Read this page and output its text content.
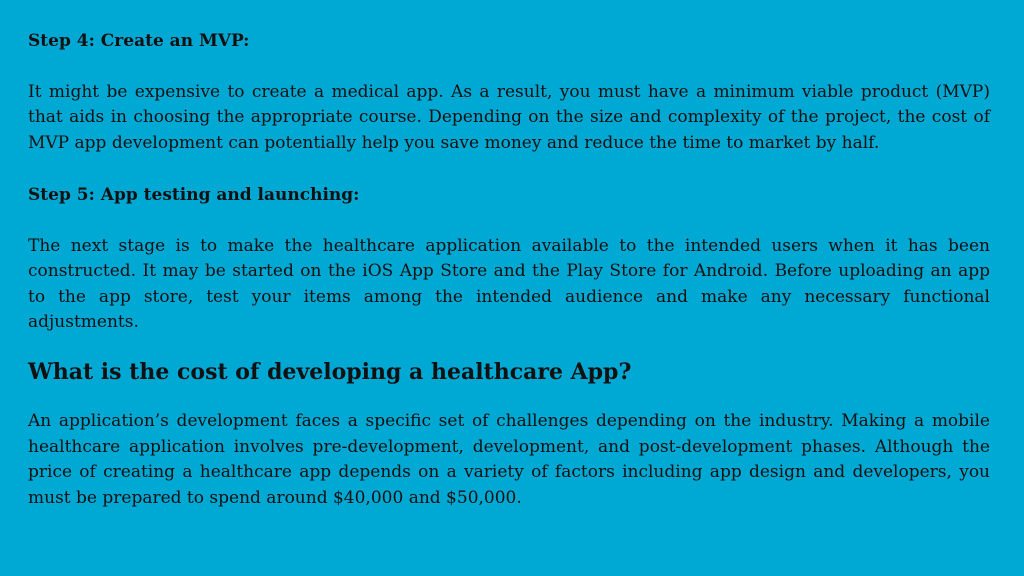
Step 4: Create an MVP:

It might be expensive to create a medical app. As a result, you must have a minimum viable product (MVP) that aids in choosing the appropriate course. Depending on the size and complexity of the project, the cost of MVP app development can potentially help you save money and reduce the time to market by half.

Step 5: App testing and launching:

The next stage is to make the healthcare application available to the intended users when it has been constructed. It may be started on the iOS App Store and the Play Store for Android. Before uploading an app to the app store, test your items among the intended audience and make any necessary functional adjustments.

What is the cost of developing a healthcare App?

An application’s development faces a specific set of challenges depending on the industry. Making a mobile healthcare application involves pre-development, development, and post-development phases. Although the price of creating a healthcare app depends on a variety of factors including app design and developers, you must be prepared to spend around $40,000 and $50,000.
